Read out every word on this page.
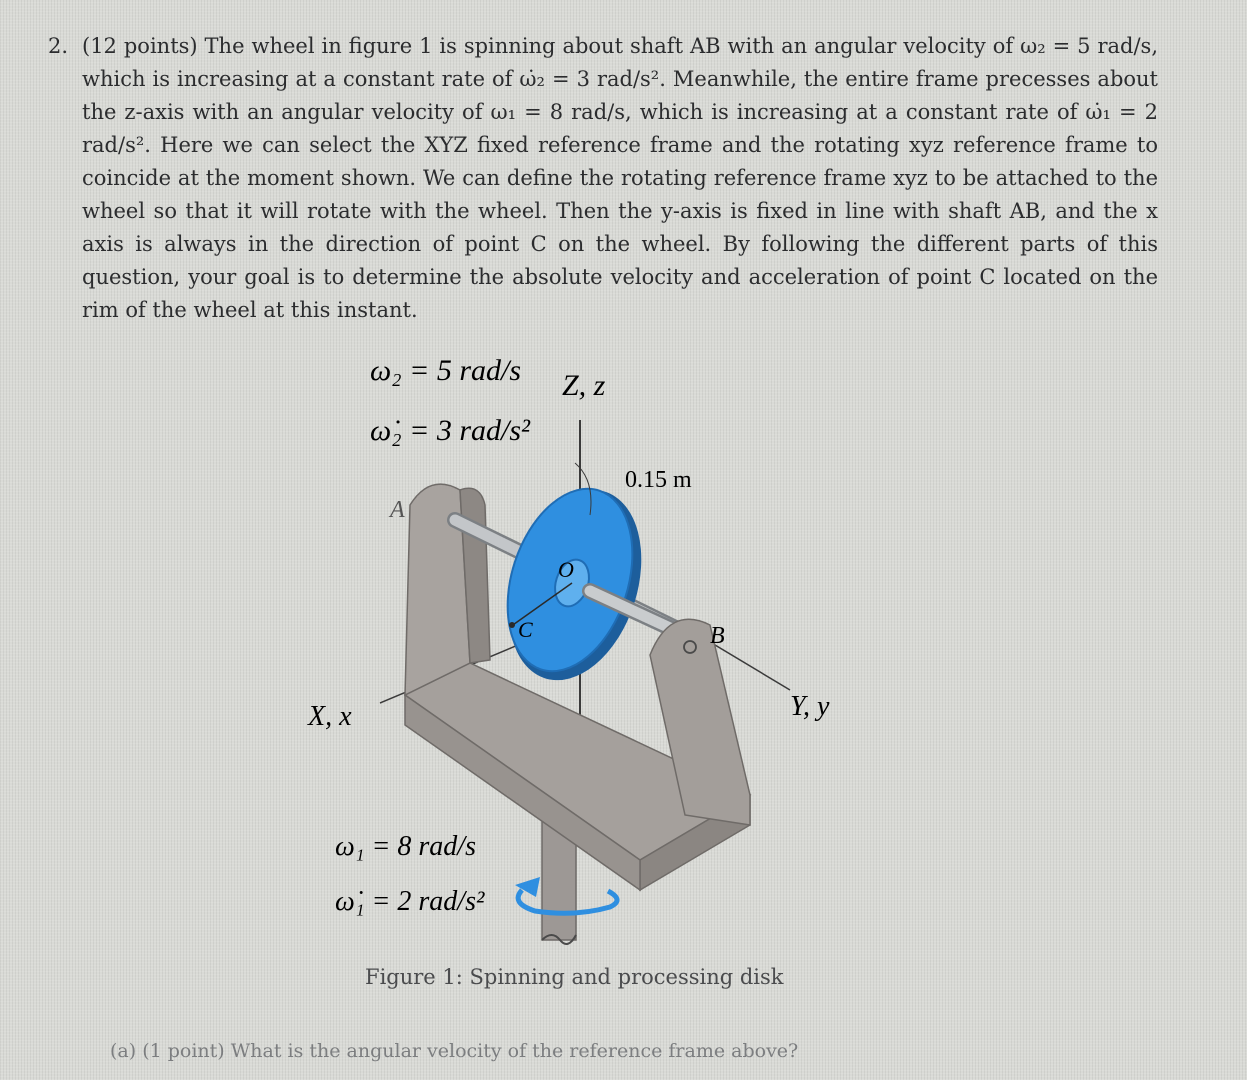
2. (12 points) The wheel in figure 1 is spinning about shaft AB with an angular velocity of ω₂ = 5 rad/s, which is increasing at a constant rate of ω̇₂ = 3 rad/s². Meanwhile, the entire frame precesses about the z-axis with an angular velocity of ω₁ = 8 rad/s, which is increasing at a constant rate of ω̇₁ = 2 rad/s². Here we can select the XYZ fixed reference frame and the rotating xyz reference frame to coincide at the moment shown. We can define the rotating reference frame xyz to be attached to the wheel so that it will rotate with the wheel. Then the y-axis is fixed in line with shaft AB, and the x axis is always in the direction of point C on the wheel. By following the different parts of this question, your goal is to determine the absolute velocity and acceleration of point C located on the rim of the wheel at this instant.
ω₂ = 5 rad/s
ω̇₂ = 3 rad/s²
Z, z
0.15 m
A
O
C	B
X, x	Y, y
ω₁ = 8 rad/s
ω̇₁ = 2 rad/s²
Figure 1: Spinning and processing disk
(a) (1 point) What is the angular velocity of the reference frame above?
